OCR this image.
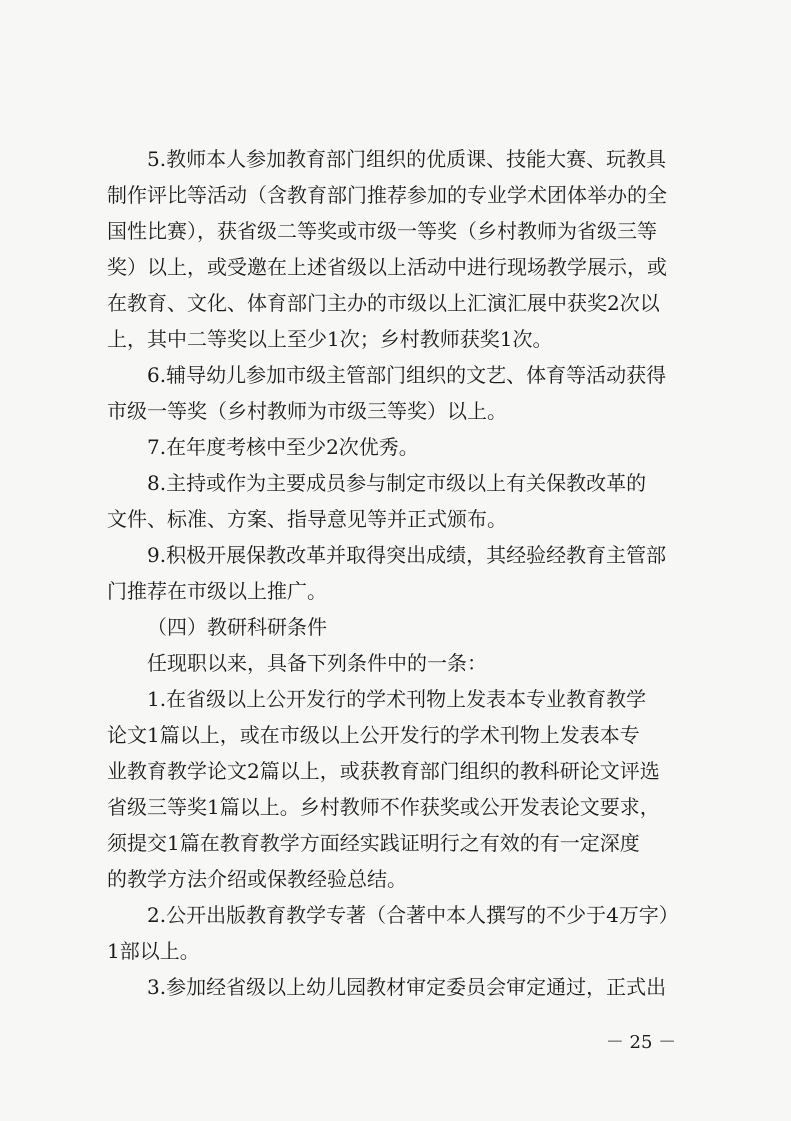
5.教师本人参加教育部门组织的优质课、技能大赛、玩教具
制作评比等活动（含教育部门推荐参加的专业学术团体举办的全
国性比赛），获省级二等奖或市级一等奖（乡村教师为省级三等
奖）以上，或受邀在上述省级以上活动中进行现场教学展示，或
在教育、文化、体育部门主办的市级以上汇演汇展中获奖2次以
上，其中二等奖以上至少1次；乡村教师获奖1次。
6.辅导幼儿参加市级主管部门组织的文艺、体育等活动获得
市级一等奖（乡村教师为市级三等奖）以上。
7.在年度考核中至少2次优秀。
8.主持或作为主要成员参与制定市级以上有关保教改革的
文件、标准、方案、指导意见等并正式颁布。
9.积极开展保教改革并取得突出成绩，其经验经教育主管部
门推荐在市级以上推广。
（四）教研科研条件
任现职以来，具备下列条件中的一条：
1.在省级以上公开发行的学术刊物上发表本专业教育教学
论文1篇以上，或在市级以上公开发行的学术刊物上发表本专
业教育教学论文2篇以上，或获教育部门组织的教科研论文评选
省级三等奖1篇以上。乡村教师不作获奖或公开发表论文要求，
须提交1篇在教育教学方面经实践证明行之有效的有一定深度
的教学方法介绍或保教经验总结。
2.公开出版教育教学专著（合著中本人撰写的不少于4万字）
1部以上。
3.参加经省级以上幼儿园教材审定委员会审定通过，正式出
－ 25 －
